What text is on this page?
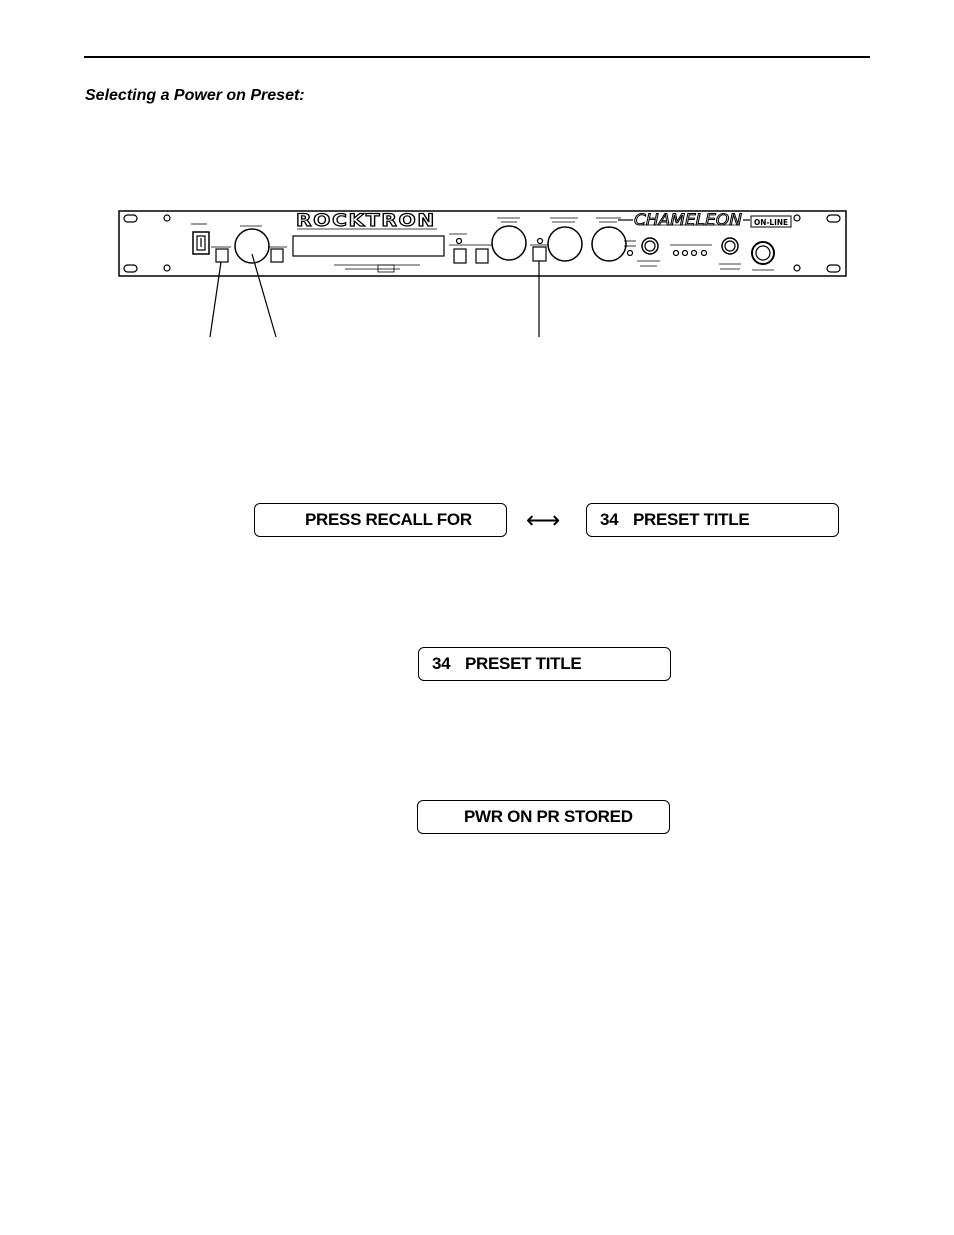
Selecting a Power on Preset:
ROCKTRON	CHAMELEON ON-LINE
PRESS RECALL FOR ⟷ 34 PRESET TITLE
34 PRESET TITLE
PWR ON PR STORED
